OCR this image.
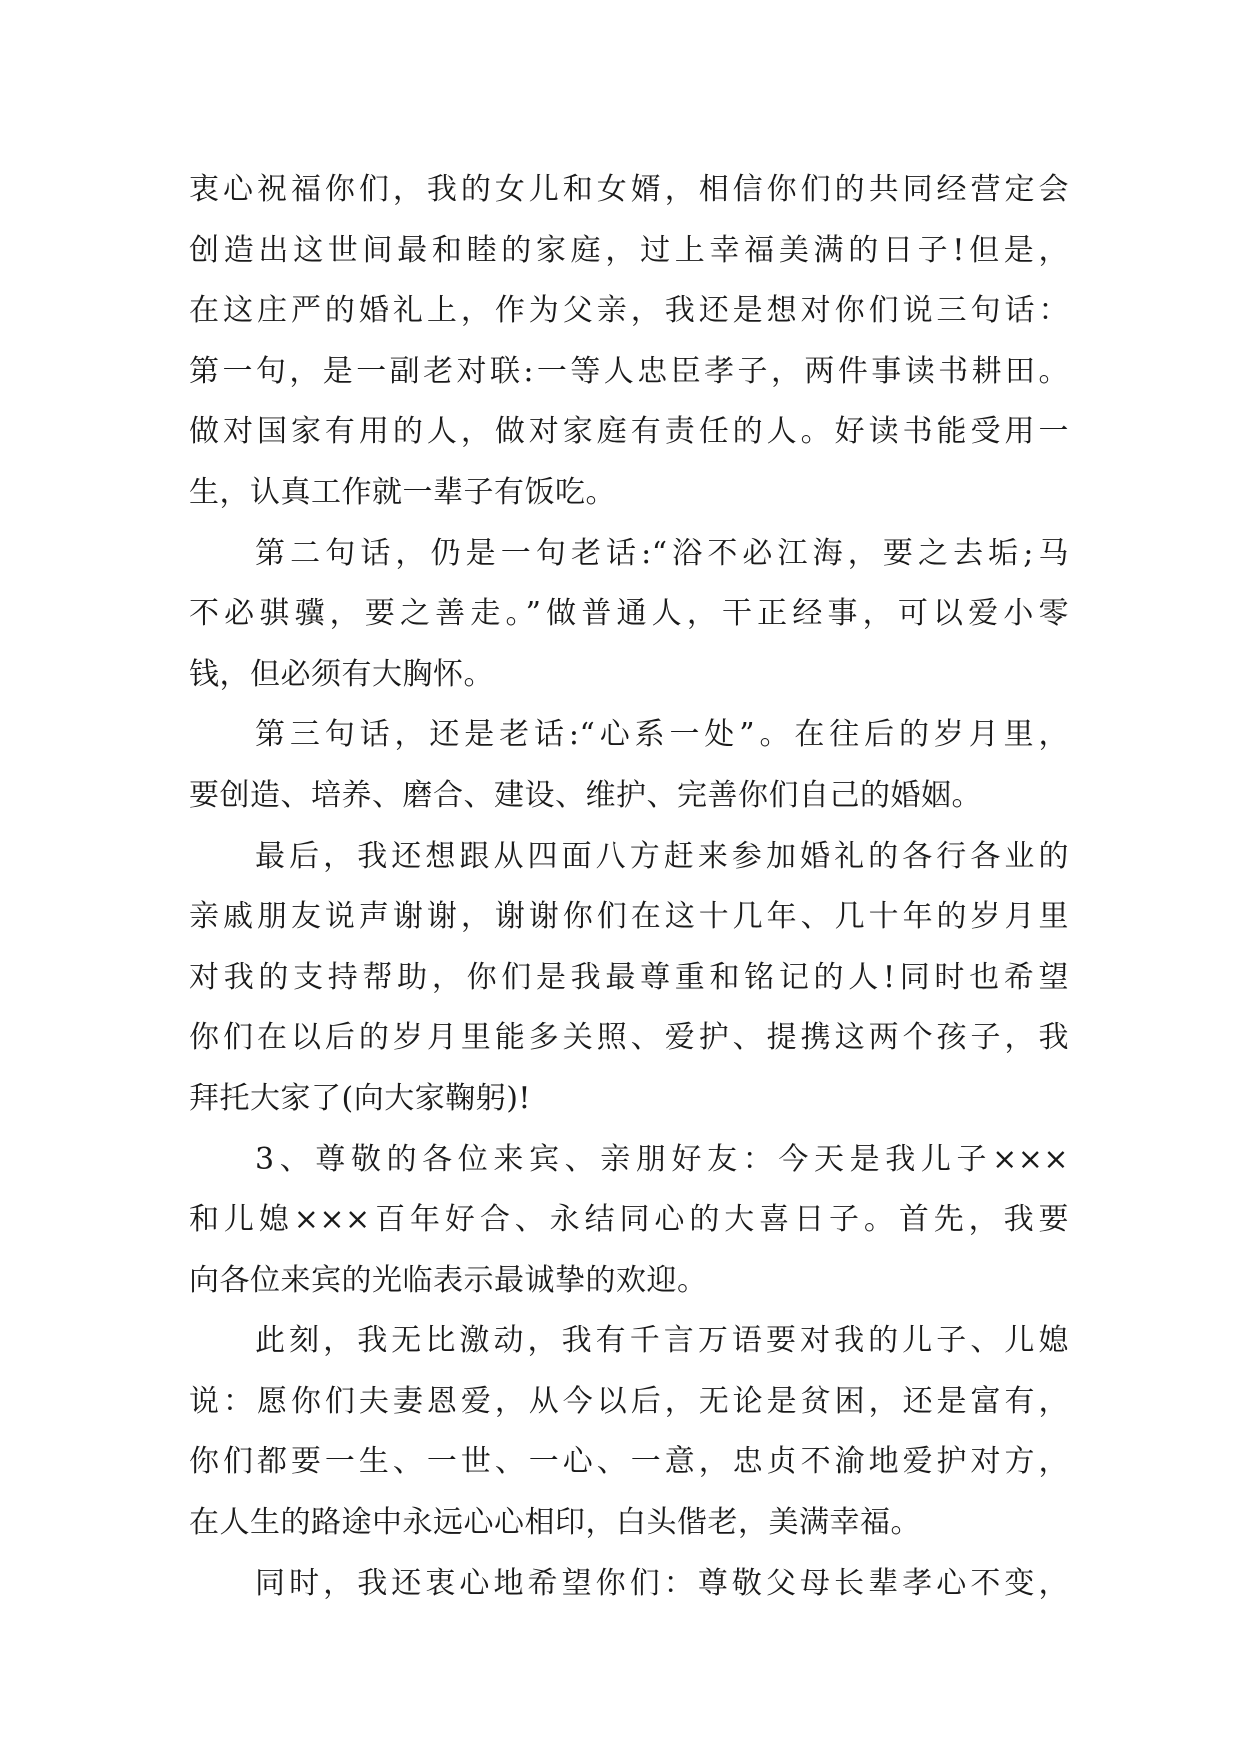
衷心祝福你们，我的女儿和女婿，相信你们的共同经营定会
创造出这世间最和睦的家庭，过上幸福美满的日子!但是，
在这庄严的婚礼上，作为父亲，我还是想对你们说三句话：
第一句，是一副老对联:一等人忠臣孝子，两件事读书耕田。
做对国家有用的人，做对家庭有责任的人。好读书能受用一
生，认真工作就一辈子有饭吃。
第二句话，仍是一句老话:“浴不必江海，要之去垢;马
不必骐骥，要之善走。”做普通人，干正经事，可以爱小零
钱，但必须有大胸怀。
第三句话，还是老话:“心系一处”。在往后的岁月里，
要创造、培养、磨合、建设、维护、完善你们自己的婚姻。
最后，我还想跟从四面八方赶来参加婚礼的各行各业的
亲戚朋友说声谢谢，谢谢你们在这十几年、几十年的岁月里
对我的支持帮助，你们是我最尊重和铭记的人!同时也希望
你们在以后的岁月里能多关照、爱护、提携这两个孩子，我
拜托大家了(向大家鞠躬)!
3、尊敬的各位来宾、亲朋好友：今天是我儿子×××
和儿媳×××百年好合、永结同心的大喜日子。首先，我要
向各位来宾的光临表示最诚挚的欢迎。
此刻，我无比激动，我有千言万语要对我的儿子、儿媳
说：愿你们夫妻恩爱，从今以后，无论是贫困，还是富有，
你们都要一生、一世、一心、一意，忠贞不渝地爱护对方，
在人生的路途中永远心心相印，白头偕老，美满幸福。
同时，我还衷心地希望你们：尊敬父母长辈孝心不变，
